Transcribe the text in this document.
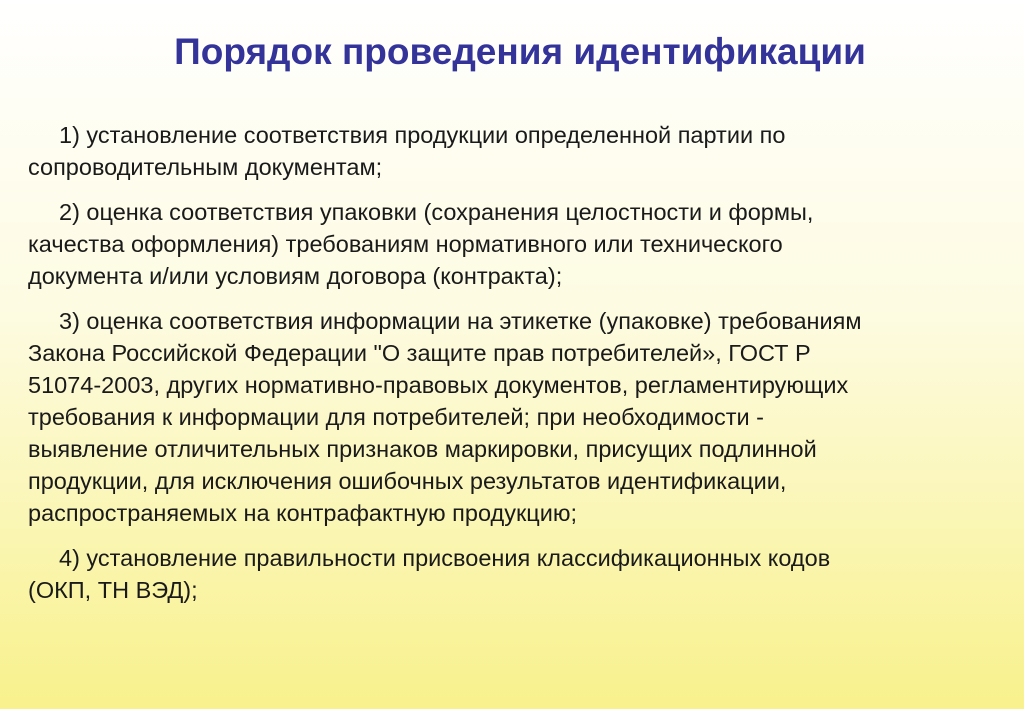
Порядок проведения идентификации

1) установление соответствия продукции определенной партии по
сопроводительным документам;

2) оценка соответствия упаковки (сохранения целостности и формы,
качества оформления) требованиям нормативного или технического
документа и/или условиям договора (контракта);

3) оценка соответствия информации на этикетке (упаковке) требованиям
Закона Российской Федерации "О защите прав потребителей», ГОСТ Р
51074-2003, других нормативно-правовых документов, регламентирующих
требования к информации для потребителей; при необходимости -
выявление отличительных признаков маркировки, присущих подлинной
продукции, для исключения ошибочных результатов идентификации,
распространяемых на контрафактную продукцию;

4) установление правильности присвоения классификационных кодов
(ОКП, ТН ВЭД);
